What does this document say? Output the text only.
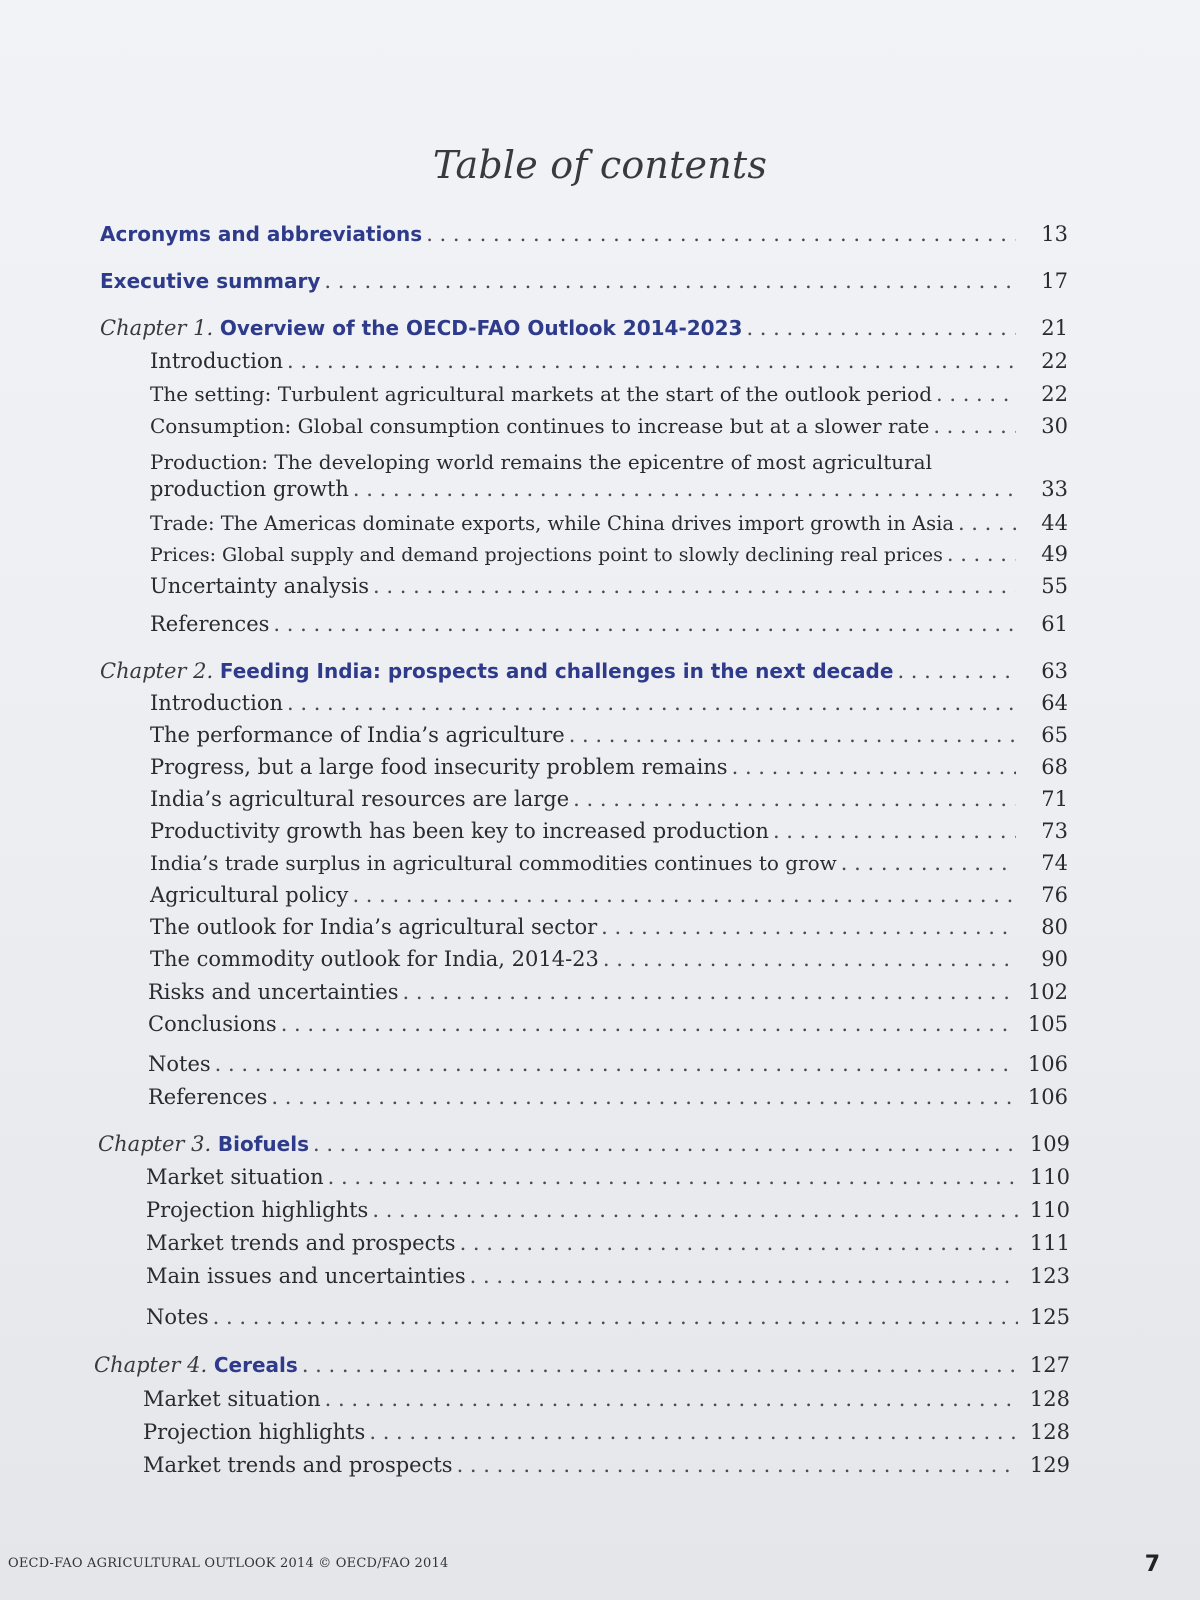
Table of contents
Acronyms and abbreviations . . .	13
Executive summary . . .	17
Chapter 1. Overview of the OECD-FAO Outlook 2014-2023 . . .	21
Introduction . . .	22
The setting: Turbulent agricultural markets at the start of the outlook period . . .	22
Consumption: Global consumption continues to increase but at a slower rate . . .	30
Production: The developing world remains the epicentre of most agricultural
production growth . . .	33
Trade: The Americas dominate exports, while China drives import growth in Asia . . .	44
Prices: Global supply and demand projections point to slowly declining real prices . . .	49
Uncertainty analysis . . .	55
References . . .	61
Chapter 2. Feeding India: prospects and challenges in the next decade . . .	63
Introduction . . .	64
The performance of India’s agriculture . . .	65
Progress, but a large food insecurity problem remains . . .	68
India’s agricultural resources are large . . .	71
Productivity growth has been key to increased production . . .	73
India’s trade surplus in agricultural commodities continues to grow . . .	74
Agricultural policy . . .	76
The outlook for India’s agricultural sector . . .	80
The commodity outlook for India, 2014-23 . . .	90
Risks and uncertainties . . .	102
Conclusions . . .	105
Notes . . .	106
References . . .	106
Chapter 3. Biofuels . . .	109
Market situation . . .	110
Projection highlights . . .	110
Market trends and prospects . . .	111
Main issues and uncertainties . . .	123
Notes . . .	125
Chapter 4. Cereals . . .	127
Market situation . . .	128
Projection highlights . . .	128
Market trends and prospects . . .	129
OECD-FAO AGRICULTURAL OUTLOOK 2014 © OECD/FAO 2014	7
